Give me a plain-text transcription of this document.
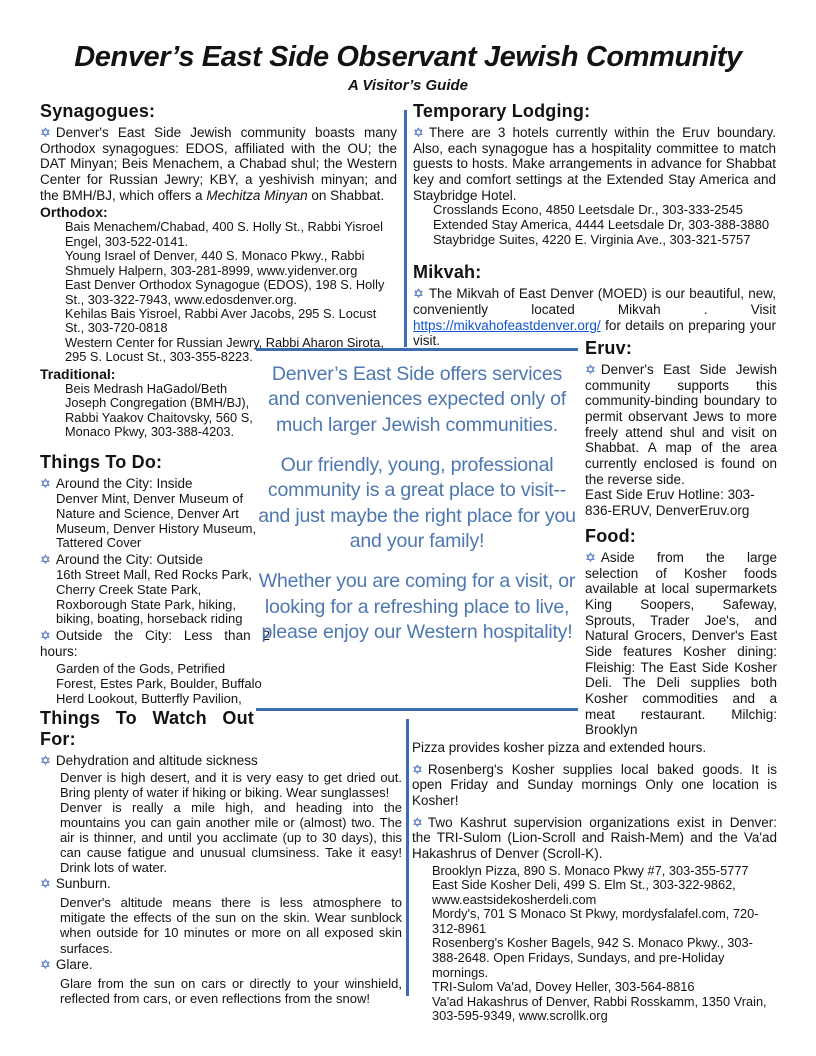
Denver’s East Side Observant Jewish Community
A Visitor’s Guide
Synagogues:

✡ Denver's East Side Jewish community boasts many Orthodox synagogues: EDOS, affiliated with the OU; the DAT Minyan; Beis Menachem, a Chabad shul; the Western Center for Russian Jewry; KBY, a yeshivish minyan; and the BMH/BJ, which offers a Mechitza Minyan on Shabbat.

Orthodox:
Bais Menachem/Chabad, 400 S. Holly St., Rabbi Yisroel Engel, 303-522-0141.
Young Israel of Denver, 440 S. Monaco Pkwy., Rabbi Shmuely Halpern, 303-281-8999, www.yidenver.org
East Denver Orthodox Synagogue (EDOS), 198 S. Holly St., 303-322-7943, www.edosdenver.org.
Kehilas Bais Yisroel, Rabbi Aver Jacobs, 295 S. Locust St., 303-720-0818
Western Center for Russian Jewry, Rabbi Aharon Sirota, 295 S. Locust St., 303-355-8223.
Traditional:
Beis Medrash HaGadol/Beth Joseph Congregation (BMH/BJ), Rabbi Yaakov Chaitovsky, 560 S, Monaco Pkwy, 303-388-4203.
Things To Do:

✡ Around the City: Inside

Denver Mint, Denver Museum of Nature and Science, Denver Art Museum, Denver History Museum, Tattered Cover

✡ Around the City: Outside

16th Street Mall, Red Rocks Park, Cherry Creek State Park, Roxborough State Park, hiking, biking, boating, horseback riding

✡ Outside the City: Less than 2 hours:

Garden of the Gods, Petrified Forest, Estes Park, Boulder, Buffalo Herd Lookout, Butterfly Pavilion,

Things To Watch Out For:

✡ Dehydration and altitude sickness

Denver is high desert, and it is very easy to get dried out. Bring plenty of water if hiking or biking. Wear sunglasses!

Denver is really a mile high, and heading into the mountains you can gain another mile or (almost) two. The air is thinner, and until you acclimate (up to 30 days), this can cause fatigue and unusual clumsiness. Take it easy! Drink lots of water.

✡ Sunburn.

Denver's altitude means there is less atmosphere to mitigate the effects of the sun on the skin. Wear sunblock when outside for 10 minutes or more on all exposed skin surfaces.

✡ Glare.

Glare from the sun on cars or directly to your winshield, reflected from cars, or even reflections from the snow!

Temporary Lodging:

✡ There are 3 hotels currently within the Eruv boundary. Also, each synagogue has a hospitality committee to match guests to hosts. Make arrangements in advance for Shabbat key and comfort settings at the Extended Stay America and Staybridge Hotel.

Crosslands Econo, 4850 Leetsdale Dr., 303-333-2545
Extended Stay America, 4444 Leetsdale Dr, 303-388-3880
Staybridge Suites, 4220 E. Virginia Ave., 303-321-5757
Mikvah:

✡ The Mikvah of East Denver (MOED) is our beautiful, new, conveniently located Mikvah . Visit https://mikvahofeastdenver.org/ for details on preparing your visit.

Denver’s East Side offers services and conveniences expected only of much larger Jewish communities.

Our friendly, young, professional community is a great place to visit--and just maybe the right place for you and your family!

Whether you are coming for a visit, or looking for a refreshing place to live, please enjoy our Western hospitality!

Eruv:

✡ Denver's East Side Jewish community supports this community-binding boundary to permit observant Jews to more freely attend shul and visit on Shabbat. A map of the area currently enclosed is found on the reverse side.

East Side Eruv Hotline: 303-836-ERUV, DenverEruv.org

Food:

✡ Aside from the large selection of Kosher foods available at local supermarkets King Soopers, Safeway, Sprouts, Trader Joe's, and Natural Grocers, Denver's East Side features Kosher dining: Fleishig: The East Side Kosher Deli. The Deli supplies both Kosher commodities and a meat restaurant. Milchig: Brooklyn

Pizza provides kosher pizza and extended hours.

✡ Rosenberg's Kosher supplies local baked goods. It is open Friday and Sunday mornings Only one location is Kosher!

✡ Two Kashrut supervision organizations exist in Denver: the TRI-Sulom (Lion-Scroll and Raish-Mem) and the Va'ad Hakashrus of Denver (Scroll-K).

Brooklyn Pizza, 890 S. Monaco Pkwy #7, 303-355-5777
East Side Kosher Deli, 499 S. Elm St., 303-322-9862, www.eastsidekosherdeli.com
Mordy's, 701 S Monaco St Pkwy, mordysfalafel.com, 720-312-8961
Rosenberg's Kosher Bagels, 942 S. Monaco Pkwy., 303-388-2648. Open Fridays, Sundays, and pre-Holiday mornings.
TRI-Sulom Va'ad, Dovey Heller, 303-564-8816
Va'ad Hakashrus of Denver, Rabbi Rosskamm, 1350 Vrain, 303-595-9349, www.scrollk.org
